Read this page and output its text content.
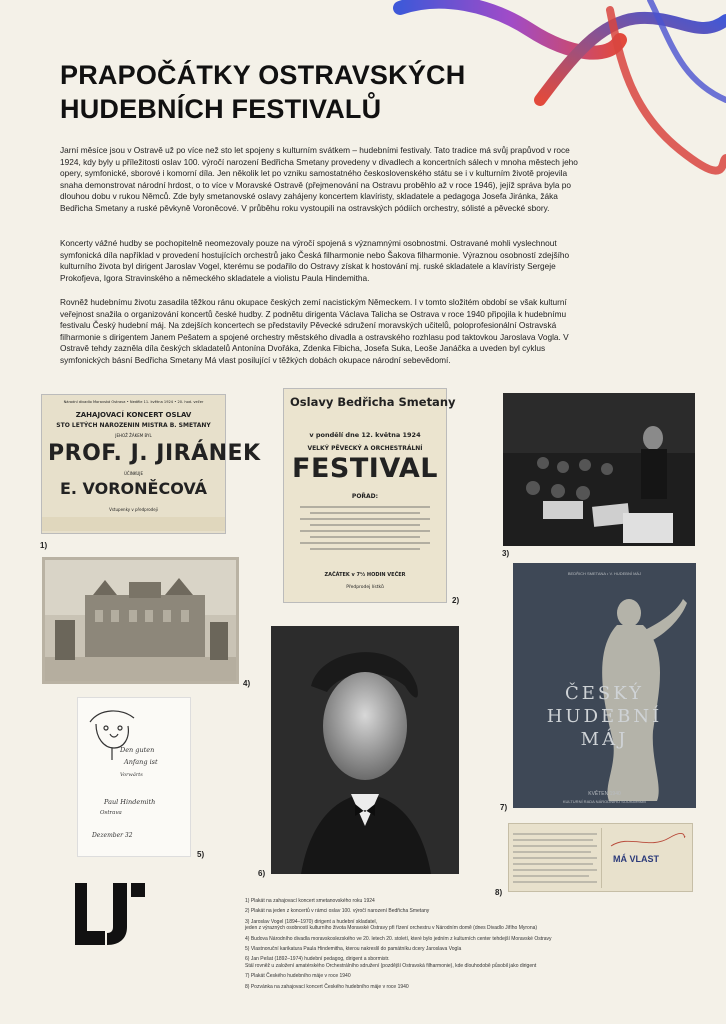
PRAPOČÁTKY OSTRAVSKÝCH
HUDEBNÍCH FESTIVALŮ

Jarní měsíce jsou v Ostravě už po více než sto let spojeny s kulturním svátkem – hudebními festivaly. Tato tradice má svůj prapůvod v roce 1924, kdy byly u příležitosti oslav 100. výročí narození Bedřicha Smetany provedeny v divadlech a koncertních sálech v mnoha městech jeho opery, symfonické, sborové i komorní díla. Jen několik let po vzniku samostatného československého státu se i v kulturním životě projevila snaha demonstrovat národní hrdost, o to více v Moravské Ostravě (přejmenování na Ostravu proběhlo až v roce 1946), jejíž správa byla po dlouhou dobu v rukou Němců. Zde byly smetanovské oslavy zahájeny koncertem klavíristy, skladatele a pedagoga Josefa Jiránka, žáka Bedřicha Smetany a ruské pěvkyně Voroněcové. V průběhu roku vystoupili na ostravských pódiích orchestry, sólisté a pěvecké sbory.

Koncerty vážné hudby se pochopitelně neomezovaly pouze na výročí spojená s významnými osobnostmi. Ostravané mohli vyslechnout symfonická díla například v provedení hostujících orchestrů jako Česká filharmonie nebo Šakova filharmonie. Výraznou osobností zdejšího kulturního života byl dirigent Jaroslav Vogel, kterému se podařilo do Ostravy získat k hostování mj. ruské skladatele a klavíristy Sergeje Prokofjeva, Igora Stravinského a německého skladatele a violistu Paula Hindemitha.

Rovněž hudebnímu životu zasadila těžkou ránu okupace českých zemí nacistickým Německem. I v tomto složitém období se však kulturní veřejnost snažila o organizování koncertů české hudby. Z podnětu dirigenta Václava Talicha se Ostrava v roce 1940 připojila k hudebnímu festivalu Český hudební máj. Na zdejších koncertech se představily Pěvecké sdružení moravských učitelů, poloprofesionální Ostravská filharmonie s dirigentem Janem Pešatem a spojené orchestry městského divadla a ostravského rozhlasu pod taktovkou Jaroslava Vogla. V Ostravě tehdy zazněla díla českých skladatelů Antonína Dvořáka, Zdenka Fibicha, Josefa Suka, Leoše Janáčka a uveden byl cyklus symfonických básní Bedřicha Smetany Má vlast posilující v těžkých dobách okupace národní sebevědomí.

Národní divadlo Moravská Ostrava • Neděle 11. května 1924 • 20. hod. večer
ZAHAJOVACÍ KONCERT OSLAV
STO LETÝCH NAROZENIN MISTRA B. SMETANY
JEHOŽ ŽÁKEM BYL
PROF. J. JIRÁNEK
ÚČINKUJE
E. VORONĚCOVÁ
Vstupenky v předprodeji
1)
Oslavy Bedřicha Smetany
v pondělí dne 12. května 1924
VELKÝ PĚVECKÝ A ORCHESTRÁLNÍ
FESTIVAL
POŘAD:
ZAČÁTEK v 7½ HODIN VEČER
Předprodej lístků
2)
3)
4)
Den guten
Anfang ist
Vorwärts
Paul Hindemith
Ostrava
Dezember 32
5)
6)
BEDŘICH SMETANA • V. HUDEBNÍ MÁJ
ČESKÝ
HUDEBNÍ
MÁJ
KVĚTEN 1940
KULTURNÍ RADA NÁRODNÍHO SOUručenství
7)
MÁ VLAST
8)
1) Plakát na zahajovací koncert smetanovského roku 1924
2) Plakát na jeden z koncertů v rámci oslav 100. výročí narození Bedřicha Smetany
3) Jaroslav Vogel (1894–1970) dirigent a hudební skladatel,
jeden z výrazných osobností kulturního života Moravské Ostravy při řízení orchestru v Národním domě (dnes Divadlo Jiřího Myrona)
4) Budova Národního divadla moravskoslezského ve 20. letech 20. století, které bylo jedním z kulturních center tehdejší Moravské Ostravy
5) Vlastnoruční karikatura Paula Hindemitha, kterou nakreslil do památníku dcery Jaroslava Vogla
6) Jan Pešat (1892–1974) hudební pedagog, dirigent a sbormistr.
Stál rovněž u založení amatérského Orchestrálního sdružení (pozdější Ostravská filharmonie), kde dlouhodobě působil jako dirigent
7) Plakát Českého hudebního máje v roce 1940
8) Pozvánka na zahajovací koncert Českého hudebního máje v roce 1940
